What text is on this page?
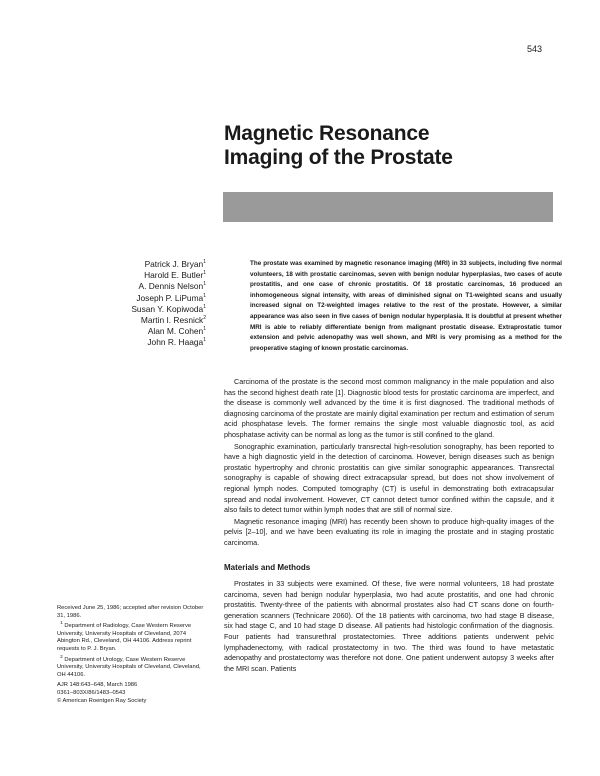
543
Magnetic Resonance
Imaging of the Prostate
Patrick J. Bryan$^1$
Harold E. Butler$^1$
A. Dennis Nelson$^1$
Joseph P. LiPuma$^1$
Susan Y. Kopiwoda$^1$
Martin I. Resnick$^2$
Alan M. Cohen$^1$
John R. Haaga$^1$

The prostate was examined by magnetic resonance imaging (MRI) in 33 subjects, including five normal volunteers, 18 with prostatic carcinomas, seven with benign nodular hyperplasias, two cases of acute prostatitis, and one case of chronic prostatitis. Of 18 prostatic carcinomas, 16 produced an inhomogeneous signal intensity, with areas of diminished signal on T1-weighted scans and usually increased signal on T2-weighted images relative to the rest of the prostate. However, a similar appearance was also seen in five cases of benign nodular hyperplasia. It is doubtful at present whether MRI is able to reliably differentiate benign from malignant prostatic disease. Extraprostatic tumor extension and pelvic adenopathy was well shown, and MRI is very promising as a method for the preoperative staging of known prostatic carcinomas.

Carcinoma of the prostate is the second most common malignancy in the male population and also has the second highest death rate [1]. Diagnostic blood tests for prostatic carcinoma are imperfect, and the disease is commonly well advanced by the time it is first diagnosed. The traditional methods of diagnosing carcinoma of the prostate are mainly digital examination per rectum and estimation of serum acid phosphatase levels. The former remains the single most valuable diagnostic tool, as acid phosphatase activity can be normal as long as the tumor is still confined to the gland.

Sonographic examination, particularly transrectal high-resolution sonography, has been reported to have a high diagnostic yield in the detection of carcinoma. However, benign diseases such as benign prostatic hypertrophy and chronic prostatitis can give similar sonographic appearances. Transrectal sonography is capable of showing direct extracapsular spread, but does not show involvement of regional lymph nodes. Computed tomography (CT) is useful in demonstrating both extracapsular spread and nodal involvement. However, CT cannot detect tumor confined within the capsule, and it also fails to detect tumor within lymph nodes that are still of normal size.

Magnetic resonance imaging (MRI) has recently been shown to produce high-quality images of the pelvis [2–10], and we have been evaluating its role in imaging the prostate and in staging prostatic carcinoma.

Materials and Methods

Prostates in 33 subjects were examined. Of these, five were normal volunteers, 18 had prostate carcinoma, seven had benign nodular hyperplasia, two had acute prostatitis, and one had chronic prostatitis. Twenty-three of the patients with abnormal prostates also had CT scans done on fourth-generation scanners (Technicare 2060). Of the 18 patients with carcinoma, two had stage B disease, six had stage C, and 10 had stage D disease. All patients had histologic confirmation of the diagnosis. Four patients had transurethral prostatectomies. Three additions patients underwent pelvic lymphadenectomy, with radical prostatectomy in two. The third was found to have metastatic adenopathy and prostatectomy was therefore not done. One patient underwent autopsy 3 weeks after the MRI scan. Patients

Received June 25, 1986; accepted after revision October 31, 1986.

$^1$ Department of Radiology, Case Western Reserve University, University Hospitals of Cleveland, 2074 Abington Rd., Cleveland, OH 44106. Address reprint requests to P. J. Bryan.

$^2$ Department of Urology, Case Western Reserve University, University Hospitals of Cleveland, Cleveland, OH 44106.

AJR 148:643–648, March 1986

0361–803X/86/1483–0543

© American Roentgen Ray Society
